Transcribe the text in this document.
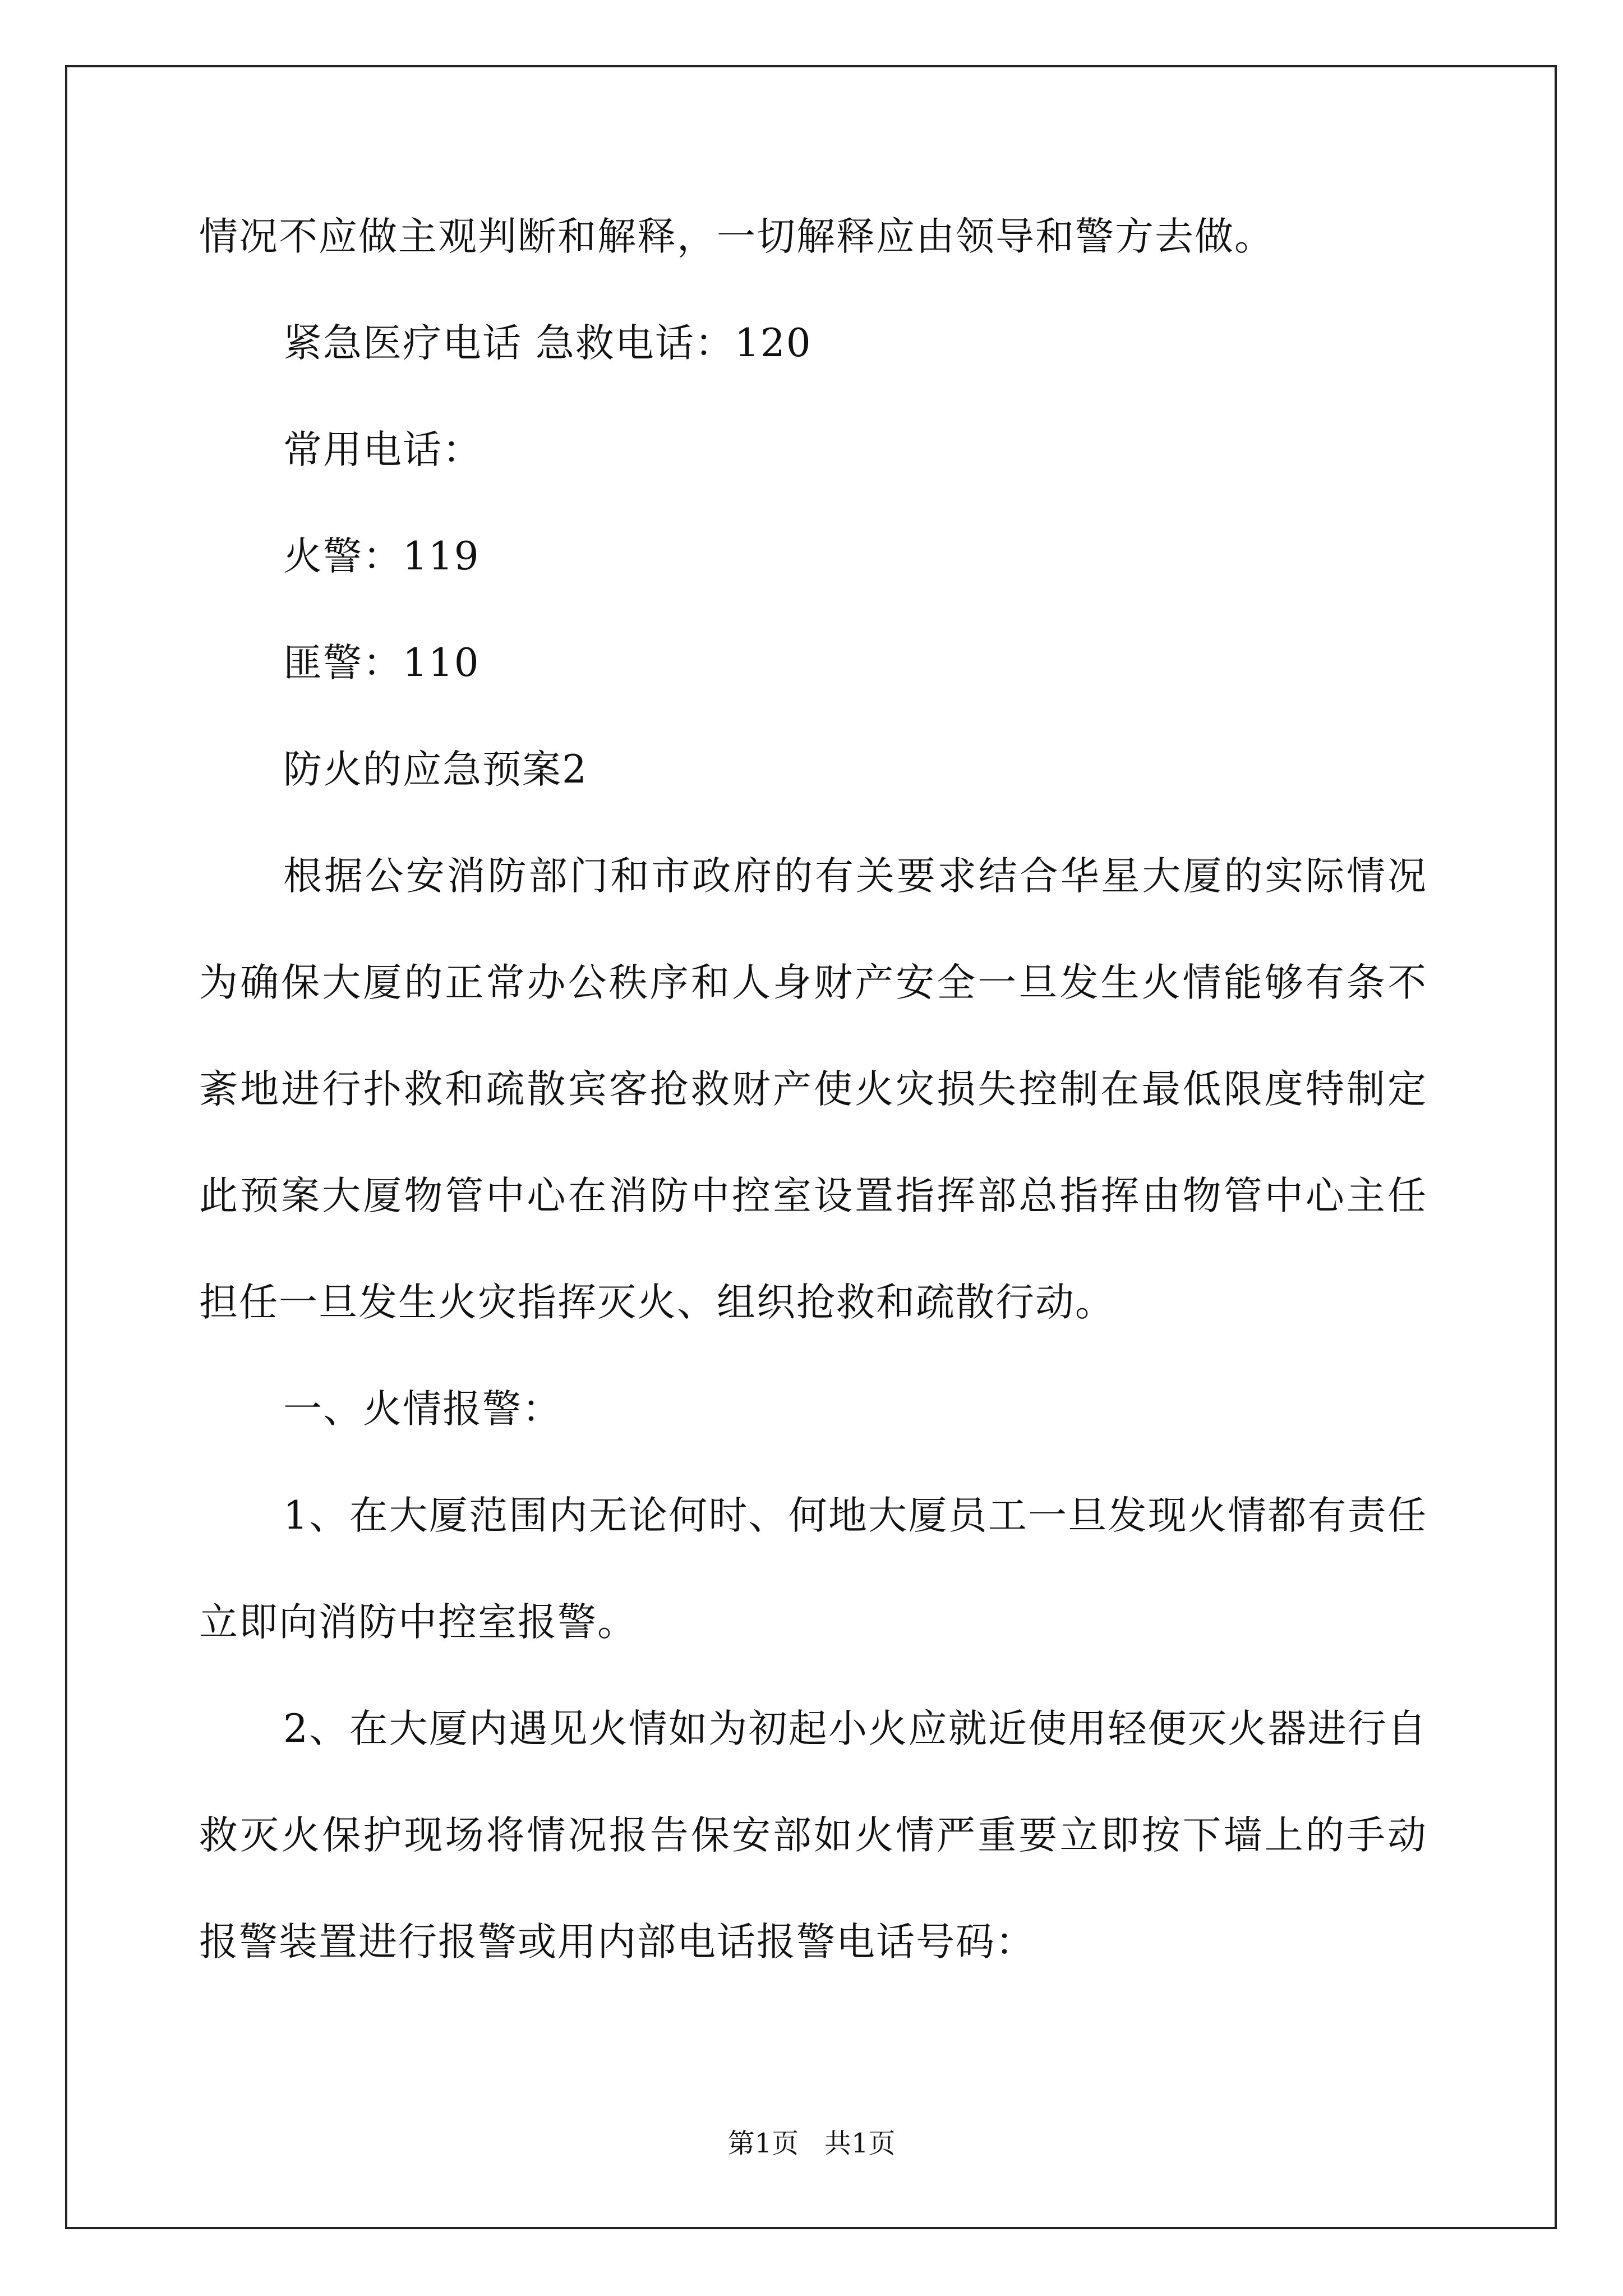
情况不应做主观判断和解释，一切解释应由领导和警方去做。
紧急医疗电话 急救电话：120
常用电话：
火警：119
匪警：110
防火的应急预案2
根据公安消防部门和市政府的有关要求结合华星大厦的实际情况
为确保大厦的正常办公秩序和人身财产安全一旦发生火情能够有条不
紊地进行扑救和疏散宾客抢救财产使火灾损失控制在最低限度特制定
此预案大厦物管中心在消防中控室设置指挥部总指挥由物管中心主任
担任一旦发生火灾指挥灭火、组织抢救和疏散行动。
一、火情报警：
1、在大厦范围内无论何时、何地大厦员工一旦发现火情都有责任
立即向消防中控室报警。
2、在大厦内遇见火情如为初起小火应就近使用轻便灭火器进行自
救灭火保护现场将情况报告保安部如火情严重要立即按下墙上的手动
报警装置进行报警或用内部电话报警电话号码：
第1页   共1页
